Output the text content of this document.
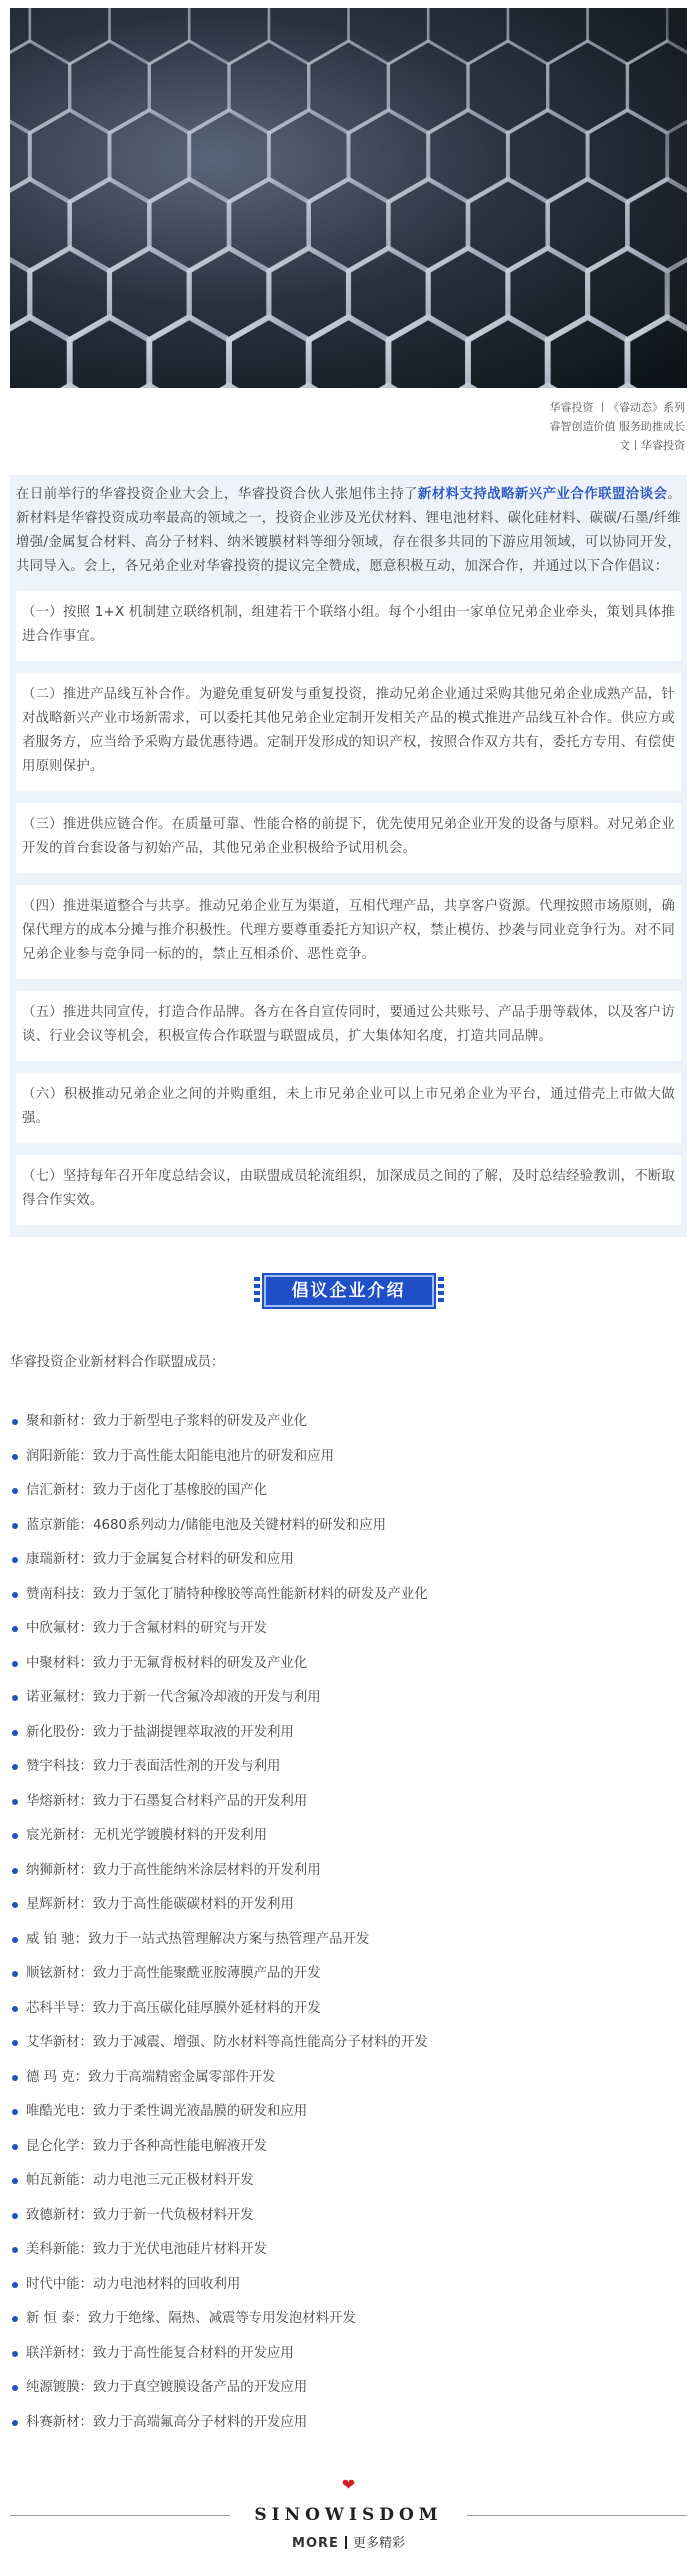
华睿投资 丨《睿动态》系列
睿智创造价值 服务助推成长
文丨华睿投资

在日前举行的华睿投资企业大会上，华睿投资合伙人张旭伟主持了新材料支持战略新兴产业合作联盟洽谈会。新材料是华睿投资成功率最高的领域之一，投资企业涉及光伏材料、锂电池材料、碳化硅材料、碳碳/石墨/纤维增强/金属复合材料、高分子材料、纳米镀膜材料等细分领域，存在很多共同的下游应用领域，可以协同开发，共同导入。会上，各兄弟企业对华睿投资的提议完全赞成，愿意积极互动，加深合作，并通过以下合作倡议：

（一）按照 1+X 机制建立联络机制，组建若干个联络小组。每个小组由一家单位兄弟企业牵头，策划具体推进合作事宜。
（二）推进产品线互补合作。为避免重复研发与重复投资，推动兄弟企业通过采购其他兄弟企业成熟产品，针对战略新兴产业市场新需求，可以委托其他兄弟企业定制开发相关产品的模式推进产品线互补合作。供应方或者服务方，应当给予采购方最优惠待遇。定制开发形成的知识产权，按照合作双方共有，委托方专用、有偿使用原则保护。
（三）推进供应链合作。在质量可靠、性能合格的前提下，优先使用兄弟企业开发的设备与原料。对兄弟企业开发的首台套设备与初始产品，其他兄弟企业积极给予试用机会。
（四）推进渠道整合与共享。推动兄弟企业互为渠道，互相代理产品，共享客户资源。代理按照市场原则，确保代理方的成本分摊与推介积极性。代理方要尊重委托方知识产权，禁止模仿、抄袭与同业竞争行为。对不同兄弟企业参与竞争同一标的的，禁止互相杀价、恶性竞争。
（五）推进共同宣传，打造合作品牌。各方在各自宣传同时，要通过公共账号、产品手册等载体，以及客户访谈、行业会议等机会，积极宣传合作联盟与联盟成员，扩大集体知名度，打造共同品牌。
（六）积极推动兄弟企业之间的并购重组，未上市兄弟企业可以上市兄弟企业为平台，通过借壳上市做大做强。
（七）坚持每年召开年度总结会议，由联盟成员轮流组织，加深成员之间的了解，及时总结经验教训，不断取得合作实效。
倡议企业介绍

华睿投资企业新材料合作联盟成员：

聚和新材：致力于新型电子浆料的研发及产业化
润阳新能：致力于高性能太阳能电池片的研发和应用
信汇新材：致力于卤化丁基橡胶的国产化
蓝京新能：4680系列动力/储能电池及关键材料的研发和应用
康瑞新材：致力于金属复合材料的研发和应用
赞南科技：致力于氢化丁腈特种橡胶等高性能新材料的研发及产业化
中欣氟材：致力于含氟材料的研究与开发
中聚材料：致力于无氟背板材料的研发及产业化
诺亚氟材：致力于新一代含氟冷却液的开发与利用
新化股份：致力于盐湖提锂萃取液的开发利用
赞宇科技：致力于表面活性剂的开发与利用
华熔新材：致力于石墨复合材料产品的开发利用
宸光新材：无机光学镀膜材料的开发利用
纳狮新材：致力于高性能纳米涂层材料的开发利用
星辉新材：致力于高性能碳碳材料的开发利用
威 铂 驰：致力于一站式热管理解决方案与热管理产品开发
顺铉新材：致力于高性能聚酰亚胺薄膜产品的开发
芯科半导：致力于高压碳化硅厚膜外延材料的开发
艾华新材：致力于减震、增强、防水材料等高性能高分子材料的开发
德 玛 克：致力于高端精密金属零部件开发
唯酷光电：致力于柔性调光液晶膜的研发和应用
昆仑化学：致力于各种高性能电解液开发
帕瓦新能：动力电池三元正极材料开发
致德新材：致力于新一代负极材料开发
美科新能：致力于光伏电池硅片材料开发
时代中能：动力电池材料的回收利用
新 恒 泰：致力于绝缘、隔热、减震等专用发泡材料开发
联洋新材：致力于高性能复合材料的开发应用
纯源镀膜：致力于真空镀膜设备产品的开发应用
科赛新材：致力于高端氟高分子材料的开发应用
❤
SINOWISDOM
MORE 更多精彩
